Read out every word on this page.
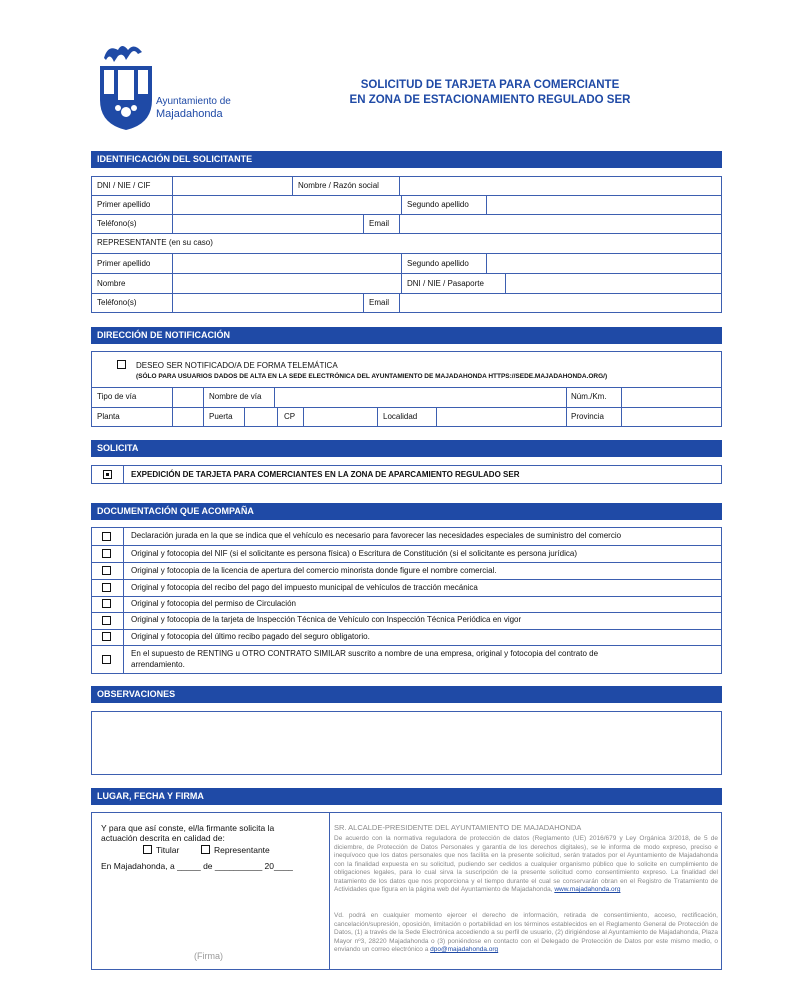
Ayuntamiento de
Majadahonda
SOLICITUD DE TARJETA PARA COMERCIANTE
EN ZONA DE ESTACIONAMIENTO REGULADO SER
IDENTIFICACIÓN DEL SOLICITANTE
DNI / NIE / CIF	Nombre / Razón social
Primer apellido	Segundo apellido
Teléfono(s)	Email
REPRESENTANTE (en su caso)
Primer apellido	Segundo apellido
Nombre	DNI / NIE / Pasaporte
Teléfono(s)	Email
DIRECCIÓN DE NOTIFICACIÓN
DESEO SER NOTIFICADO/A DE FORMA TELEMÁTICA
(SÓLO PARA USUARIOS DADOS DE ALTA EN LA SEDE ELECTRÓNICA DEL AYUNTAMIENTO DE MAJADAHONDA HTTPS://SEDE.MAJADAHONDA.ORG/)
Tipo de vía	Nombre de vía	Núm./Km.
Planta	Puerta	CP	Localidad	Provincia
SOLICITA
EXPEDICIÓN DE TARJETA PARA COMERCIANTES EN LA ZONA DE APARCAMIENTO REGULADO SER
DOCUMENTACIÓN QUE ACOMPAÑA
Declaración jurada en la que se indica que el vehículo es necesario para favorecer las necesidades especiales de suministro del comercio
Original y fotocopia del NIF (si el solicitante es persona física) o Escritura de Constitución (si el solicitante es persona jurídica)
Original y fotocopia de la licencia de apertura del comercio minorista donde figure el nombre comercial.
Original y fotocopia del recibo del pago del impuesto municipal de vehículos de tracción mecánica
Original y fotocopia del permiso de Circulación
Original y fotocopia de la tarjeta de Inspección Técnica de Vehículo con Inspección Técnica Periódica en vigor
Original y fotocopia del último recibo pagado del seguro obligatorio.
En el supuesto de RENTING u OTRO CONTRATO SIMILAR suscrito a nombre de una empresa, original y fotocopia del contrato de
arrendamiento.
OBSERVACIONES
LUGAR, FECHA Y FIRMA
Y para que así conste, el/la firmante solicita la
actuación descrita en calidad de:
Titular	Representante
En Majadahonda, a _____ de __________ 20____
(Firma)
SR. ALCALDE-PRESIDENTE DEL AYUNTAMIENTO DE MAJADAHONDA
De acuerdo con la normativa reguladora de protección de datos (Reglamento (UE) 2016/679 y Ley Orgánica 3/2018, de 5 de diciembre, de Protección de Datos Personales y garantía de los derechos digitales), se le informa de modo expreso, preciso e inequívoco que los datos personales que nos facilita en la presente solicitud, serán tratados por el Ayuntamiento de Majadahonda con la finalidad expuesta en su solicitud, pudiendo ser cedidos a cualquier organismo público que lo solicite en cumplimiento de obligaciones legales, para lo cual sirva la suscripción de la presente solicitud como consentimiento expreso. La finalidad del tratamiento de los datos que nos proporciona y el tiempo durante el cual se conservarán obran en el Registro de Tratamiento de Actividades que figura en la página web del Ayuntamiento de Majadahonda, www.majadahonda.org
Vd. podrá en cualquier momento ejercer el derecho de información, retirada de consentimiento, acceso, rectificación, cancelación/supresión, oposición, limitación o portabilidad en los términos establecidos en el Reglamento General de Protección de Datos, (1) a través de la Sede Electrónica accediendo a su perfil de usuario, (2) dirigiéndose al Ayuntamiento de Majadahonda, Plaza Mayor nº3, 28220 Majadahonda o (3) poniéndose en contacto con el Delegado de Protección de Datos por este mismo medio, o enviando un correo electrónico a dpo@majadahonda.org
